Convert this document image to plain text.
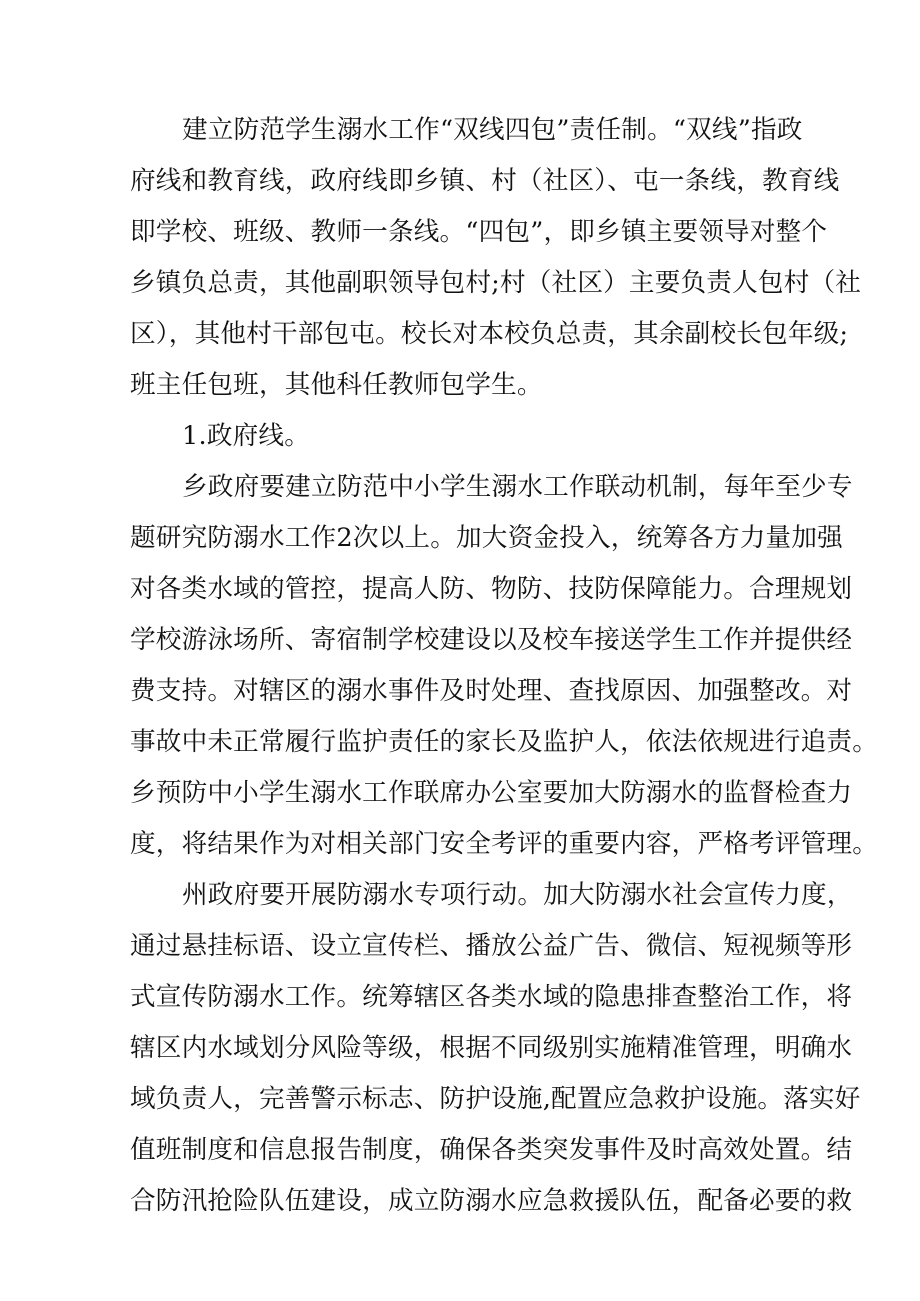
建立防范学生溺水工作“双线四包”责任制。“双线”指政
府线和教育线，政府线即乡镇、村（社区）、屯一条线，教育线
即学校、班级、教师一条线。“四包”，即乡镇主要领导对整个
乡镇负总责，其他副职领导包村;村（社区）主要负责人包村（社
区），其他村干部包屯。校长对本校负总责，其余副校长包年级;
班主任包班，其他科任教师包学生。
1.政府线。
乡政府要建立防范中小学生溺水工作联动机制，每年至少专
题研究防溺水工作2次以上。加大资金投入，统筹各方力量加强
对各类水域的管控，提高人防、物防、技防保障能力。合理规划
学校游泳场所、寄宿制学校建设以及校车接送学生工作并提供经
费支持。对辖区的溺水事件及时处理、查找原因、加强整改。对
事故中未正常履行监护责任的家长及监护人，依法依规进行追责。
乡预防中小学生溺水工作联席办公室要加大防溺水的监督检查力
度，将结果作为对相关部门安全考评的重要内容，严格考评管理。
州政府要开展防溺水专项行动。加大防溺水社会宣传力度，
通过悬挂标语、设立宣传栏、播放公益广告、微信、短视频等形
式宣传防溺水工作。统筹辖区各类水域的隐患排查整治工作，将
辖区内水域划分风险等级，根据不同级别实施精准管理，明确水
域负责人，完善警示标志、防护设施,配置应急救护设施。落实好
值班制度和信息报告制度，确保各类突发事件及时高效处置。结
合防汛抢险队伍建设，成立防溺水应急救援队伍，配备必要的救
